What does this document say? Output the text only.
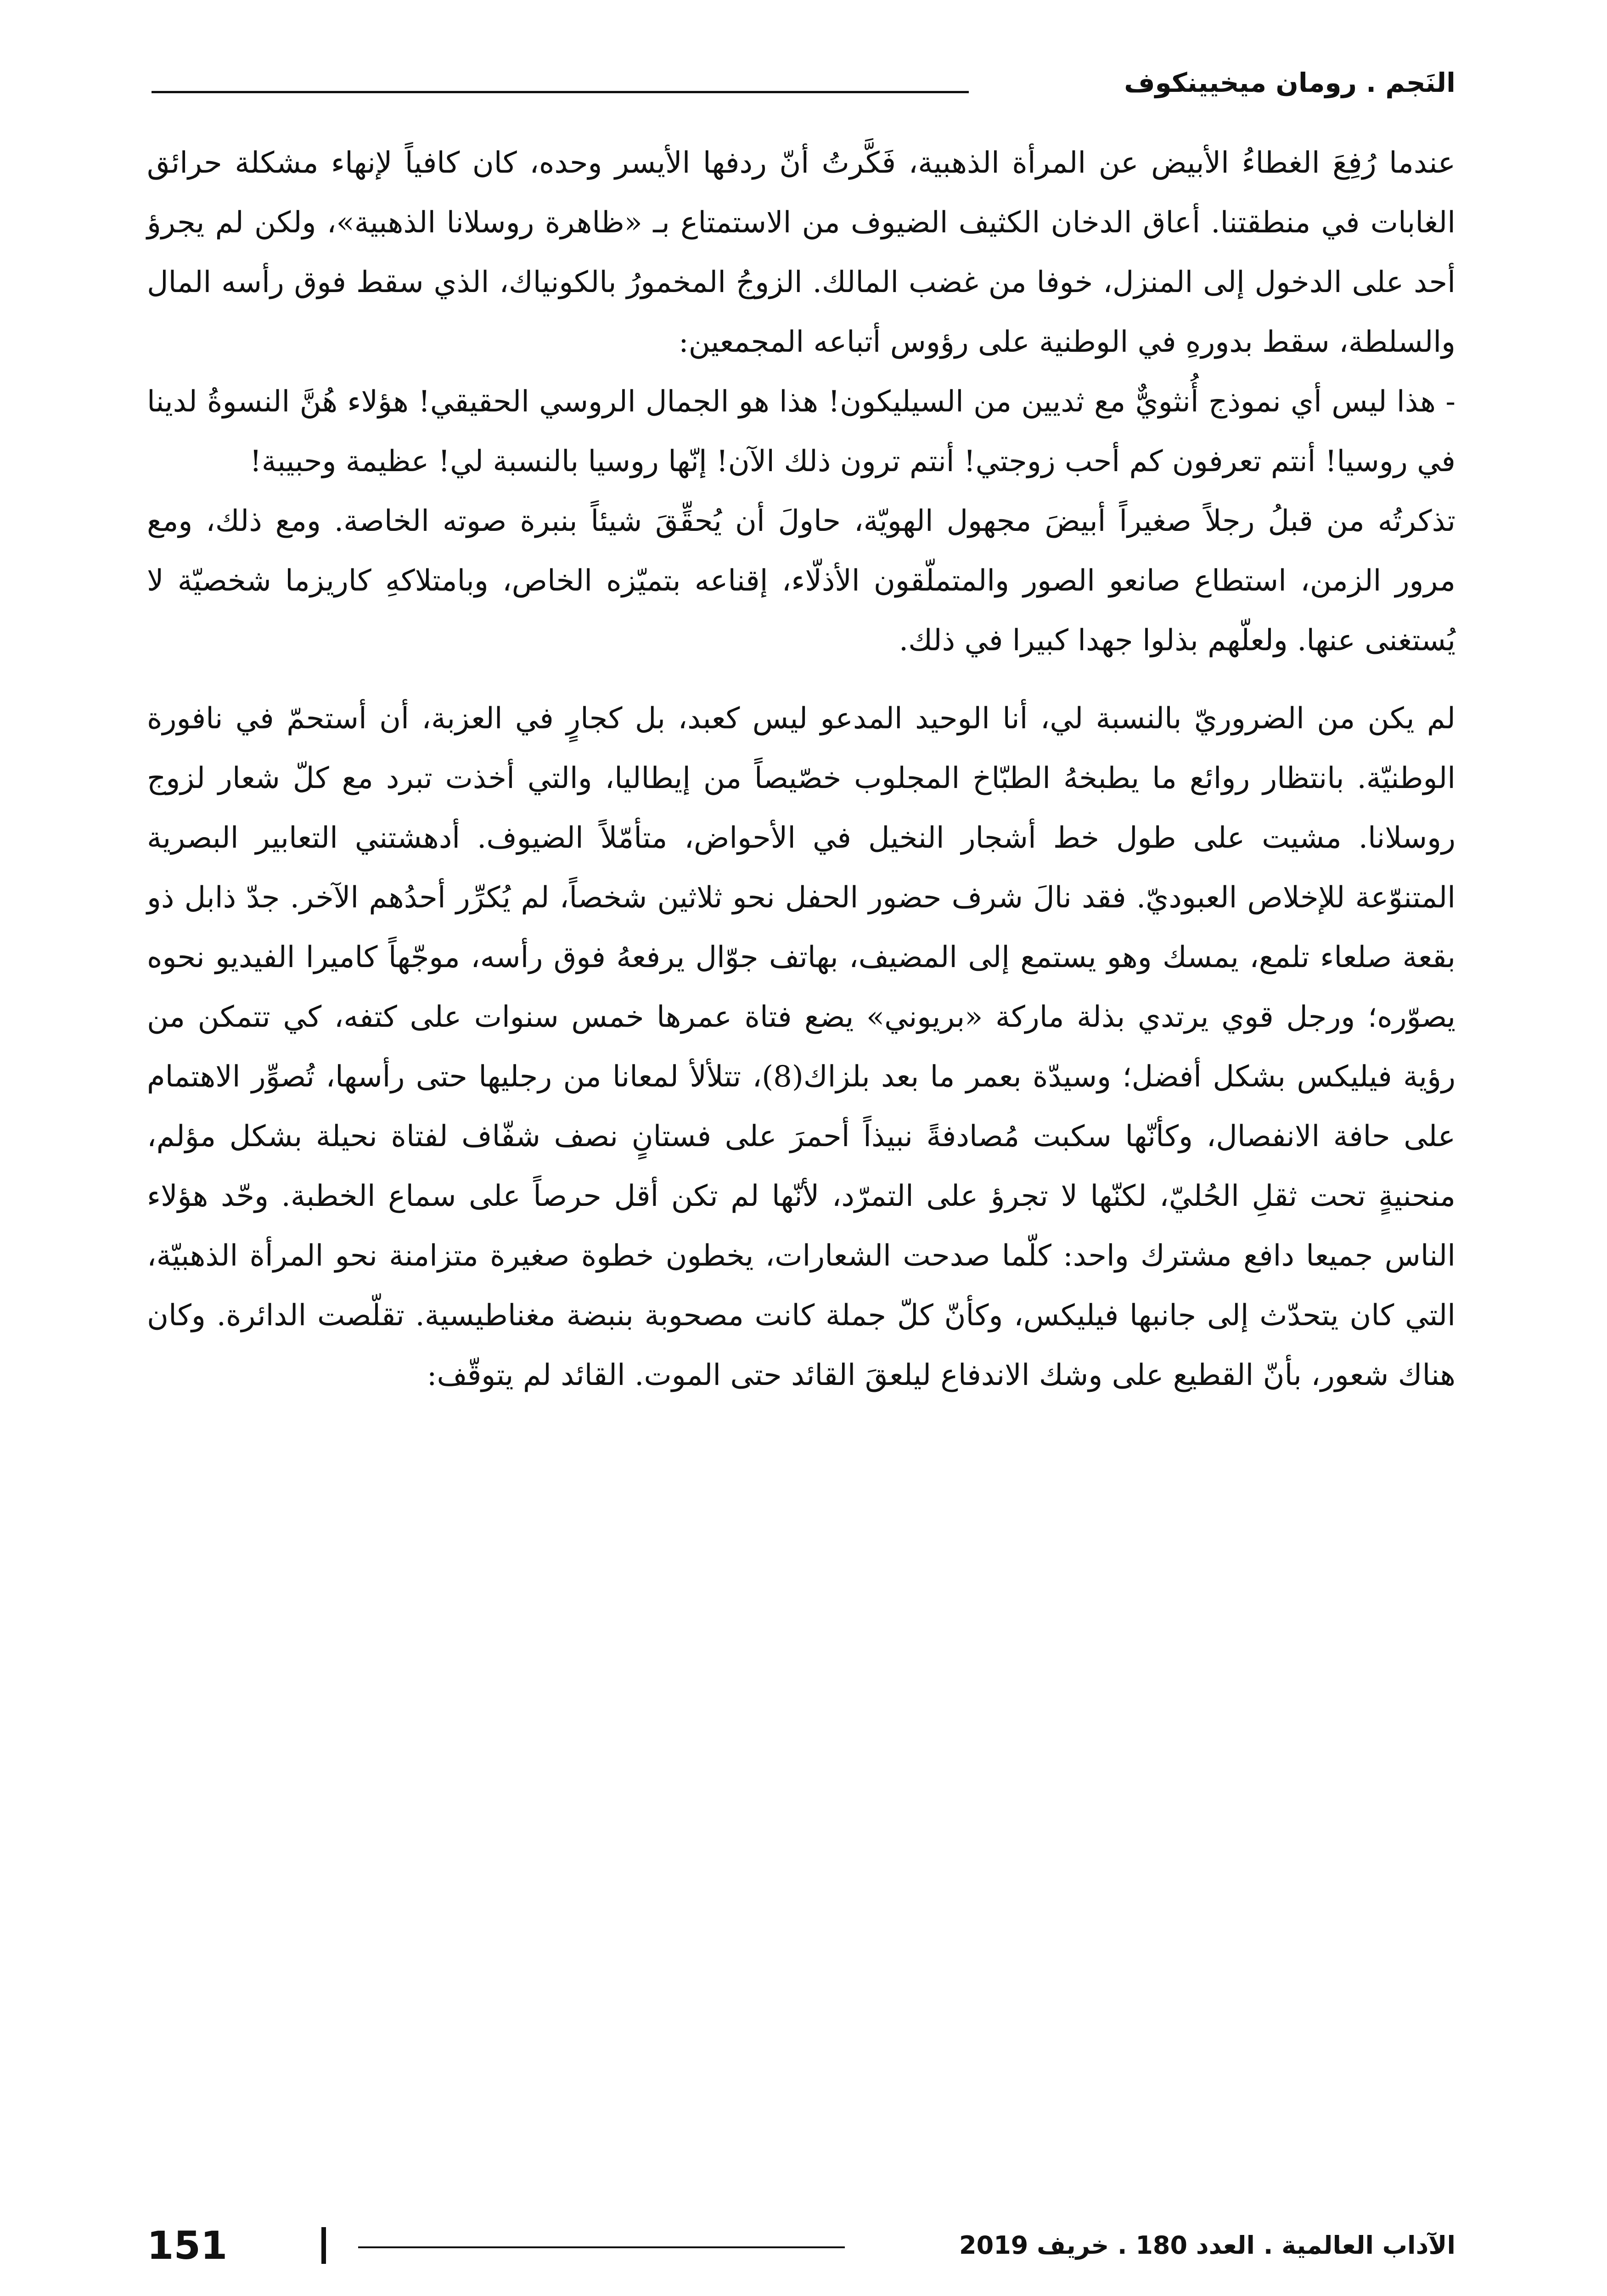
النَجم . رومان ميخيينكوف

عندما رُفِعَ الغطاءُ الأبيض عن المرأة الذهبية، فَكَّرتُ أنّ ردفها الأيسر وحده، كان كافياً لإنهاء مشكلة حرائق الغابات في منطقتنا. أعاق الدخان الكثيف الضيوف من الاستمتاع بـ «ظاهرة روسلانا الذهبية»، ولكن لم يجرؤ أحد على الدخول إلى المنزل، خوفا من غضب المالك. الزوجُ المخمورُ بالكونياك، الذي سقط فوق رأسه المال والسلطة، سقط بدورهِ في الوطنية على رؤوس أتباعه المجمعين:

- هذا ليس أي نموذج أُنثويٌّ مع ثديين من السيليكون! هذا هو الجمال الروسي الحقيقي! هؤلاء هُنَّ النسوةُ لدينا في روسيا! أنتم تعرفون كم أحب زوجتي! أنتم ترون ذلك الآن! إنّها روسيا بالنسبة لي! عظيمة وحبيبة!

تذكرتُه من قبلُ رجلاً صغيراً أبيضَ مجهول الهويّة، حاولَ أن يُحقِّقَ شيئاً بنبرة صوته الخاصة. ومع ذلك، ومع مرور الزمن، استطاع صانعو الصور والمتملّقون الأذلّاء، إقناعه بتميّزه الخاص، وبامتلاكهِ كاريزما شخصيّة لا يُستغنى عنها. ولعلّهم بذلوا جهدا كبيرا في ذلك.

لم يكن من الضروريّ بالنسبة لي، أنا الوحيد المدعو ليس كعبد، بل كجارٍ في العزبة، أن أستحمّ في نافورة الوطنيّة. بانتظار روائع ما يطبخهُ الطبّاخ المجلوب خصّيصاً من إيطاليا، والتي أخذت تبرد مع كلّ شعار لزوج روسلانا. مشيت على طول خط أشجار النخيل في الأحواض، متأمّلاً الضيوف. أدهشتني التعابير البصرية المتنوّعة للإخلاص العبوديّ. فقد نالَ شرف حضور الحفل نحو ثلاثين شخصاً، لم يُكرِّر أحدُهم الآخر. جدّ ذابل ذو بقعة صلعاء تلمع، يمسك وهو يستمع إلى المضيف، بهاتف جوّال يرفعهُ فوق رأسه، موجّهاً كاميرا الفيديو نحوه يصوّره؛ ورجل قوي يرتدي بذلة ماركة «بريوني» يضع فتاة عمرها خمس سنوات على كتفه، كي تتمكن من رؤية فيليكس بشكل أفضل؛ وسيدّة بعمر ما بعد بلزاك(8)، تتلألأ لمعانا من رجليها حتى رأسها، تُصوِّر الاهتمام على حافة الانفصال، وكأنّها سكبت مُصادفةً نبيذاً أحمرَ على فستانٍ نصف شفّاف لفتاة نحيلة بشكل مؤلم، منحنيةٍ تحت ثقلِ الحُليّ، لكنّها لا تجرؤ على التمرّد، لأنّها لم تكن أقل حرصاً على سماع الخطبة. وحّد هؤلاء الناس جميعا دافع مشترك واحد: كلّما صدحت الشعارات، يخطون خطوة صغيرة متزامنة نحو المرأة الذهبيّة، التي كان يتحدّث إلى جانبها فيليكس، وكأنّ كلّ جملة كانت مصحوبة بنبضة مغناطيسية. تقلّصت الدائرة. وكان هناك شعور، بأنّ القطيع على وشك الاندفاع ليلعقَ القائد حتى الموت. القائد لم يتوقّف:

الآداب العالمية . العدد 180 . خريف 2019
151
